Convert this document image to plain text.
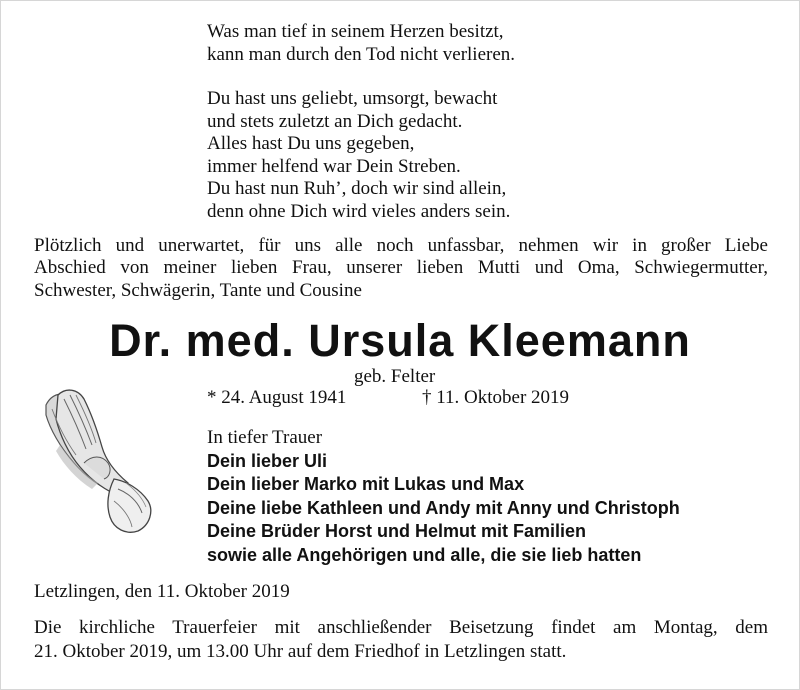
Was man tief in seinem Herzen besitzt,
kann man durch den Tod nicht verlieren.
Du hast uns geliebt, umsorgt, bewacht
und stets zuletzt an Dich gedacht.
Alles hast Du uns gegeben,
immer helfend war Dein Streben.
Du hast nun Ruh’, doch wir sind allein,
denn ohne Dich wird vieles anders sein.
Plötzlich und unerwartet, für uns alle noch unfassbar, nehmen wir in großer Liebe
Abschied von meiner lieben Frau, unserer lieben Mutti und Oma, Schwiegermutter,
Schwester, Schwägerin, Tante und Cousine
Dr. med. Ursula Kleemann
geb. Felter
* 24. August 1941	† 11. Oktober 2019
In tiefer Trauer
Dein lieber Uli
Dein lieber Marko mit Lukas und Max
Deine liebe Kathleen und Andy mit Anny und Christoph
Deine Brüder Horst und Helmut mit Familien
sowie alle Angehörigen und alle, die sie lieb hatten
Letzlingen, den 11. Oktober 2019
Die kirchliche Trauerfeier mit anschließender Beisetzung findet am Montag, dem
21. Oktober 2019, um 13.00 Uhr auf dem Friedhof in Letzlingen statt.
